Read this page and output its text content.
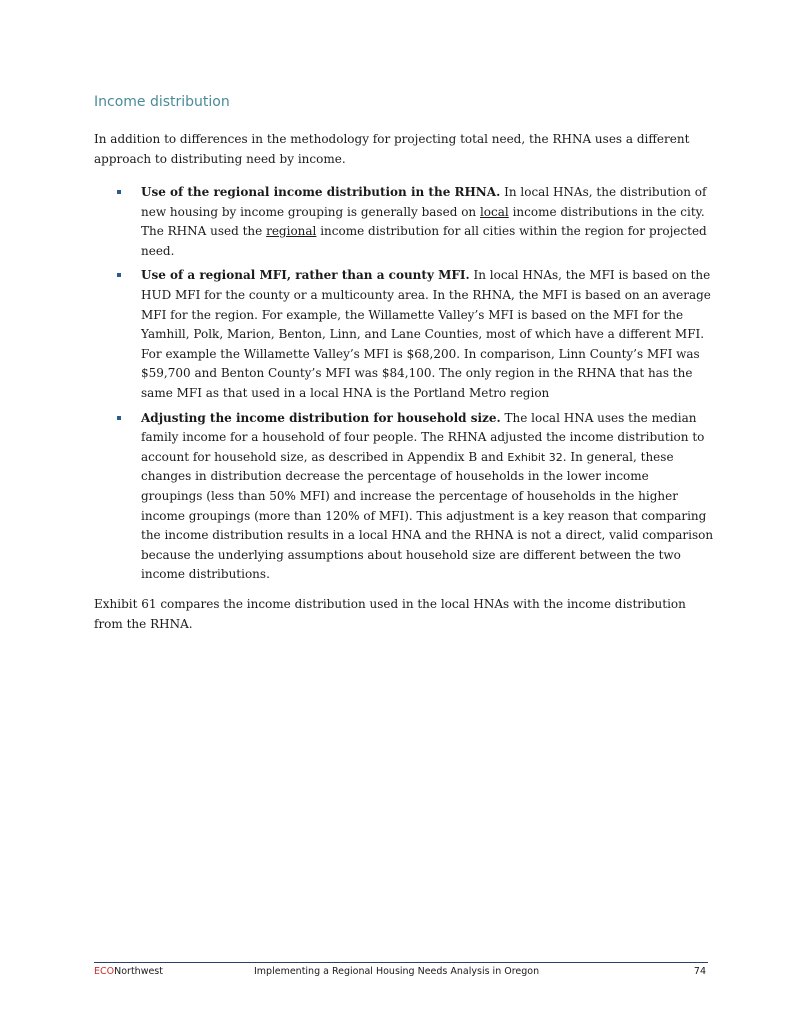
Income distribution

In addition to differences in the methodology for projecting total need, the RHNA uses a different approach to distributing need by income.

Use of the regional income distribution in the RHNA. In local HNAs, the distribution of new housing by income grouping is generally based on local income distributions in the city. The RHNA used the regional income distribution for all cities within the region for projected need.
Use of a regional MFI, rather than a county MFI. In local HNAs, the MFI is based on the HUD MFI for the county or a multicounty area. In the RHNA, the MFI is based on an average MFI for the region. For example, the Willamette Valley’s MFI is based on the MFI for the Yamhill, Polk, Marion, Benton, Linn, and Lane Counties, most of which have a different MFI. For example the Willamette Valley’s MFI is $68,200. In comparison, Linn County’s MFI was $59,700 and Benton County’s MFI was $84,100. The only region in the RHNA that has the same MFI as that used in a local HNA is the Portland Metro region
Adjusting the income distribution for household size. The local HNA uses the median family income for a household of four people. The RHNA adjusted the income distribution to account for household size, as described in Appendix B and Exhibit 32. In general, these changes in distribution decrease the percentage of households in the lower income groupings (less than 50% MFI) and increase the percentage of households in the higher income groupings (more than 120% of MFI). This adjustment is a key reason that comparing the income distribution results in a local HNA and the RHNA is not a direct, valid comparison because the underlying assumptions about household size are different between the two income distributions.

Exhibit 61 compares the income distribution used in the local HNAs with the income distribution from the RHNA.

ECONorthwest	Implementing a Regional Housing Needs Analysis in Oregon	74
